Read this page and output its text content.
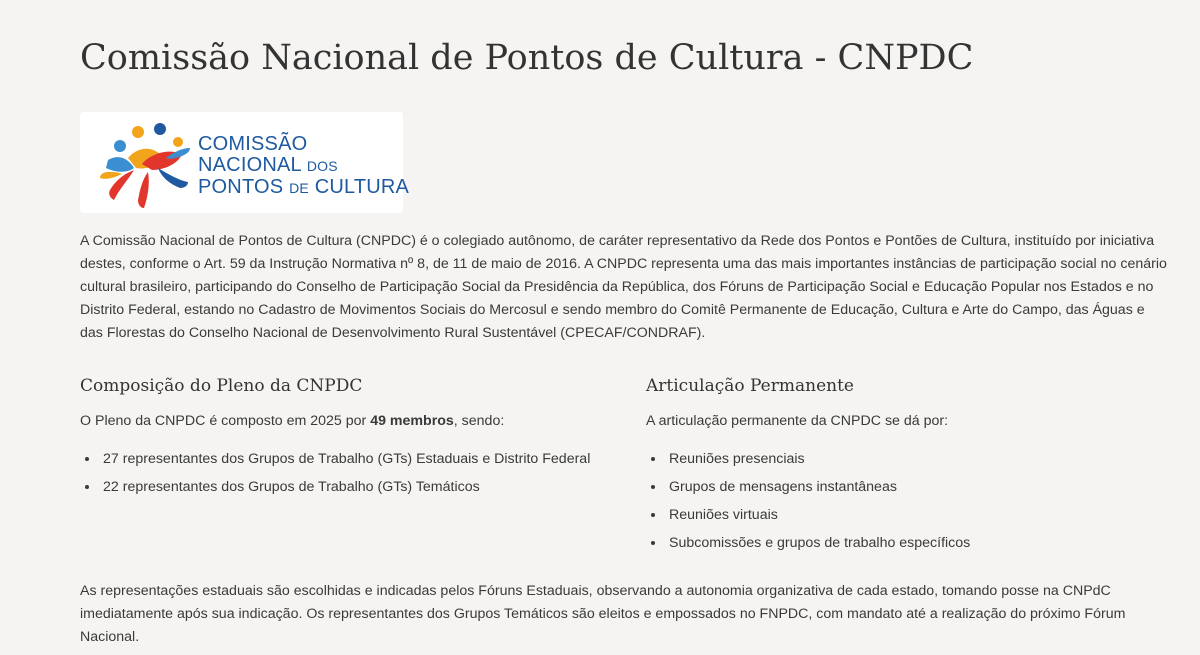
Comissão Nacional de Pontos de Cultura - CNPDC
COMISSÃO
NACIONAL DOS
PONTOS DE CULTURA

A Comissão Nacional de Pontos de Cultura (CNPDC) é o colegiado autônomo, de caráter representativo da Rede dos Pontos e Pontões de Cultura, instituído por iniciativa destes, conforme o Art. 59 da Instrução Normativa nº 8, de 11 de maio de 2016. A CNPDC representa uma das mais importantes instâncias de participação social no cenário cultural brasileiro, participando do Conselho de Participação Social da Presidência da República, dos Fóruns de Participação Social e Educação Popular nos Estados e no Distrito Federal, estando no Cadastro de Movimentos Sociais do Mercosul e sendo membro do Comitê Permanente de Educação, Cultura e Arte do Campo, das Águas e das Florestas do Conselho Nacional de Desenvolvimento Rural Sustentável (CPECAF/CONDRAF).

Composição do Pleno da CNPDC

O Pleno da CNPDC é composto em 2025 por 49 membros, sendo:

27 representantes dos Grupos de Trabalho (GTs) Estaduais e Distrito Federal
22 representantes dos Grupos de Trabalho (GTs) Temáticos
Articulação Permanente

A articulação permanente da CNPDC se dá por:

Reuniões presenciais
Grupos de mensagens instantâneas
Reuniões virtuais
Subcomissões e grupos de trabalho específicos

As representações estaduais são escolhidas e indicadas pelos Fóruns Estaduais, observando a autonomia organizativa de cada estado, tomando posse na CNPdC imediatamente após sua indicação. Os representantes dos Grupos Temáticos são eleitos e empossados no FNPDC, com mandato até a realização do próximo Fórum Nacional.
